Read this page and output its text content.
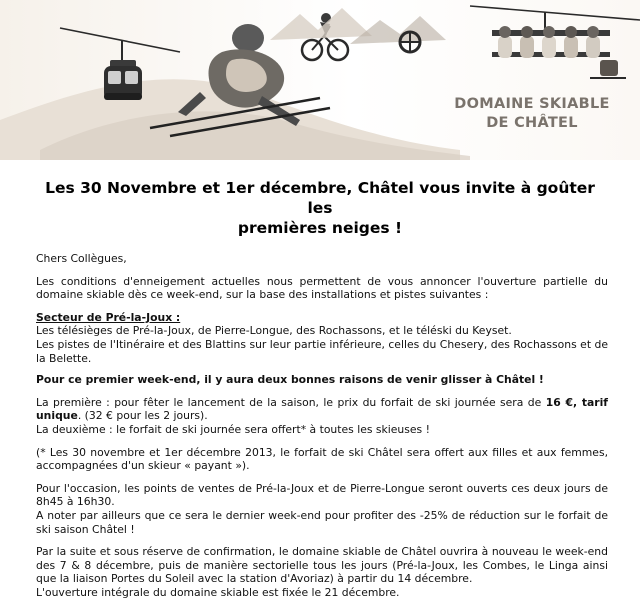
DOMAINE SKIABLE
DE CHÂTEL
Les 30 Novembre et 1er décembre, Châtel vous invite à goûter les
premières neiges !

Chers Collègues,

Les conditions d'enneigement actuelles nous permettent de vous annoncer l'ouverture partielle du domaine skiable dès ce week-end, sur la base des installations et pistes suivantes :

Secteur de Pré-la-Joux :
Les télésièges de Pré-la-Joux, de Pierre-Longue, des Rochassons, et le téléski du Keyset.
Les pistes de l'Itinéraire et des Blattins sur leur partie inférieure, celles du Chesery, des Rochassons et de la Belette.

Pour ce premier week-end, il y aura deux bonnes raisons de venir glisser à Châtel !

La première : pour fêter le lancement de la saison, le prix du forfait de ski journée sera de 16 €, tarif unique. (32 € pour les 2 jours).
La deuxième : le forfait de ski journée sera offert* à toutes les skieuses !

(* Les 30 novembre et 1er décembre 2013, le forfait de ski Châtel sera offert aux filles et aux femmes, accompagnées d'un skieur « payant »).

Pour l'occasion, les points de ventes de Pré-la-Joux et de Pierre-Longue seront ouverts ces deux jours de 8h45 à 16h30.
A noter par ailleurs que ce sera le dernier week-end pour profiter des -25% de réduction sur le forfait de ski saison Châtel !

Par la suite et sous réserve de confirmation, le domaine skiable de Châtel ouvrira à nouveau le week-end des 7 & 8 décembre, puis de manière sectorielle tous les jours (Pré-la-Joux, les Combes, le Linga ainsi que la liaison Portes du Soleil avec la station d'Avoriaz) à partir du 14 décembre.
L'ouverture intégrale du domaine skiable est fixée le 21 décembre.
